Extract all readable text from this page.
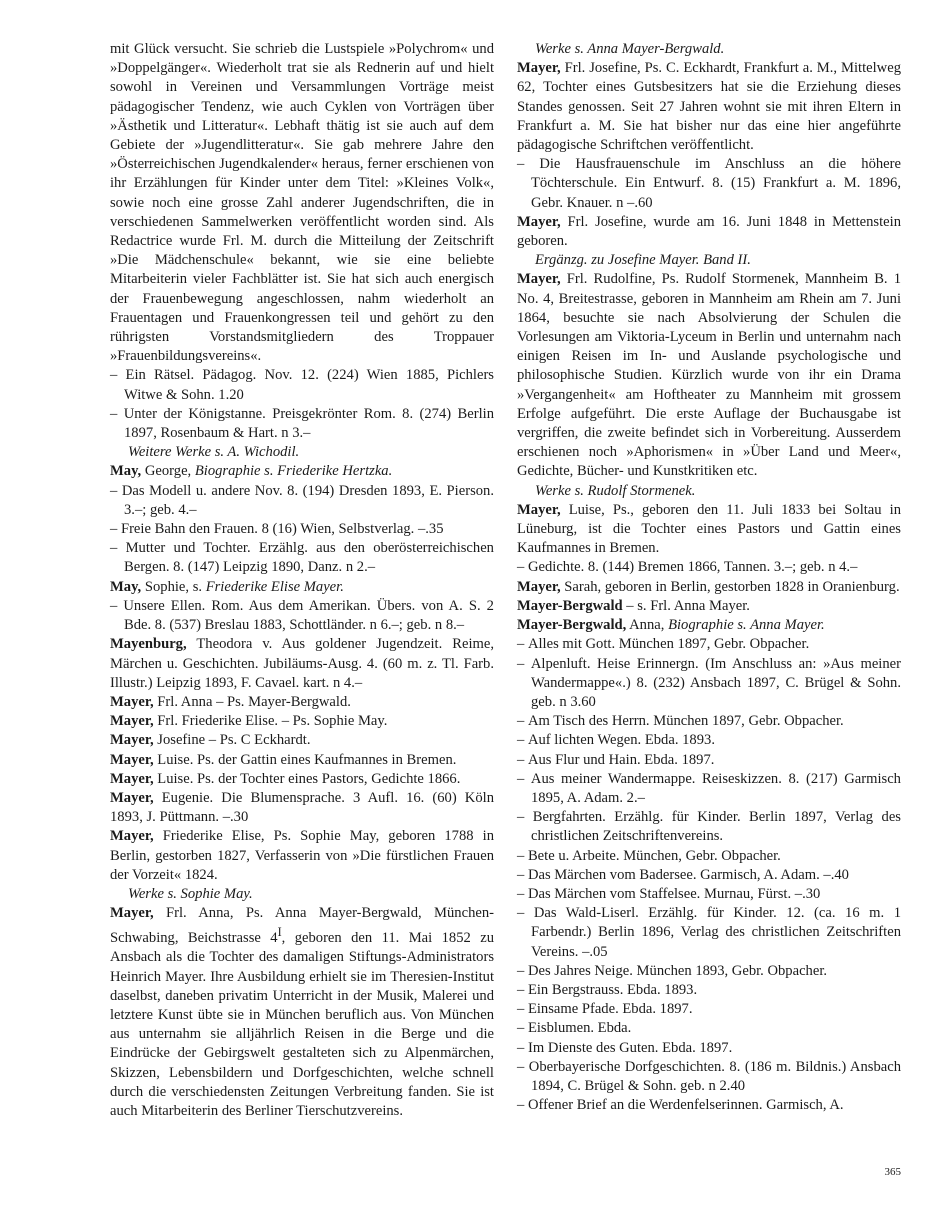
mit Glück versucht. Sie schrieb die Lustspiele »Polychrom« und »Doppelgänger«. Wiederholt trat sie als Rednerin auf und hielt sowohl in Vereinen und Versammlungen Vorträge meist pädagogischer Tendenz, wie auch Cyklen von Vorträgen über »Ästhetik und Litteratur«. Lebhaft thätig ist sie auch auf dem Gebiete der »Jugendlitteratur«. Sie gab mehrere Jahre den »Österreichischen Jugendkalender« heraus, ferner erschienen von ihr Erzählungen für Kinder unter dem Titel: »Kleines Volk«, sowie noch eine grosse Zahl anderer Jugendschriften, die in verschiedenen Sammelwerken veröffentlicht worden sind. Als Redactrice wurde Frl. M. durch die Mitteilung der Zeitschrift »Die Mädchenschule« bekannt, wie sie eine beliebte Mitarbeiterin vieler Fachblätter ist. Sie hat sich auch energisch der Frauenbewegung angeschlossen, nahm wiederholt an Frauentagen und Frauenkongressen teil und gehört zu den rührigsten Vorstandsmitgliedern des Troppauer »Frauenbildungsvereins«.

– Ein Rätsel. Pädagog. Nov. 12. (224) Wien 1885, Pichlers Witwe & Sohn. 1.20

– Unter der Königstanne. Preisgekrönter Rom. 8. (274) Berlin 1897, Rosenbaum & Hart. n 3.–

Weitere Werke s. A. Wichodil.

May, George, Biographie s. Friederike Hertzka.

– Das Modell u. andere Nov. 8. (194) Dresden 1893, E. Pierson. 3.–; geb. 4.–

– Freie Bahn den Frauen. 8 (16) Wien, Selbstverlag. –.35

– Mutter und Tochter. Erzählg. aus den oberösterreichischen Bergen. 8. (147) Leipzig 1890, Danz. n 2.–

May, Sophie, s. Friederike Elise Mayer.

– Unsere Ellen. Rom. Aus dem Amerikan. Übers. von A. S. 2 Bde. 8. (537) Breslau 1883, Schottländer. n 6.–; geb. n 8.–

Mayenburg, Theodora v. Aus goldener Jugendzeit. Reime, Märchen u. Geschichten. Jubiläums-Ausg. 4. (60 m. z. Tl. Farb. Illustr.) Leipzig 1893, F. Cavael. kart. n 4.–

Mayer, Frl. Anna – Ps. Mayer-Bergwald.

Mayer, Frl. Friederike Elise. – Ps. Sophie May.

Mayer, Josefine – Ps. C Eckhardt.

Mayer, Luise. Ps. der Gattin eines Kaufmannes in Bremen.

Mayer, Luise. Ps. der Tochter eines Pastors, Gedichte 1866.

Mayer, Eugenie. Die Blumensprache. 3 Aufl. 16. (60) Köln 1893, J. Püttmann. –.30

Mayer, Friederike Elise, Ps. Sophie May, geboren 1788 in Berlin, gestorben 1827, Verfasserin von »Die fürstlichen Frauen der Vorzeit« 1824.

Werke s. Sophie May.

Mayer, Frl. Anna, Ps. Anna Mayer-Bergwald, München-Schwabing, Beichstrasse $4^I$, geboren den 11. Mai 1852 zu Ansbach als die Tochter des damaligen Stiftungs-Administrators Heinrich Mayer. Ihre Ausbildung erhielt sie im Theresien-Institut daselbst, daneben privatim Unterricht in der Musik, Malerei und letztere Kunst übte sie in München beruflich aus. Von München aus unternahm sie alljährlich Reisen in die Berge und die Eindrücke der Gebirgswelt gestalteten sich zu Alpenmärchen, Skizzen, Lebensbildern und Dorfgeschichten, welche schnell durch die verschiedensten Zeitungen Verbreitung fanden. Sie ist auch Mitarbeiterin des Berliner Tierschutzvereins.

Werke s. Anna Mayer-Bergwald.

Mayer, Frl. Josefine, Ps. C. Eckhardt, Frankfurt a. M., Mittelweg 62, Tochter eines Gutsbesitzers hat sie die Erziehung dieses Standes genossen. Seit 27 Jahren wohnt sie mit ihren Eltern in Frankfurt a. M. Sie hat bisher nur das eine hier angeführte pädagogische Schriftchen veröffentlicht.

– Die Hausfrauenschule im Anschluss an die höhere Töchterschule. Ein Entwurf. 8. (15) Frankfurt a. M. 1896, Gebr. Knauer. n –.60

Mayer, Frl. Josefine, wurde am 16. Juni 1848 in Mettenstein geboren.

Ergänzg. zu Josefine Mayer. Band II.

Mayer, Frl. Rudolfine, Ps. Rudolf Stormenek, Mannheim B. 1 No. 4, Breitestrasse, geboren in Mannheim am Rhein am 7. Juni 1864, besuchte sie nach Absolvierung der Schulen die Vorlesungen am Viktoria-Lyceum in Berlin und unternahm nach einigen Reisen im In- und Auslande psychologische und philosophische Studien. Kürzlich wurde von ihr ein Drama »Vergangenheit« am Hoftheater zu Mannheim mit grossem Erfolge aufgeführt. Die erste Auflage der Buchausgabe ist vergriffen, die zweite befindet sich in Vorbereitung. Ausserdem erschienen noch »Aphorismen« in »Über Land und Meer«, Gedichte, Bücher- und Kunstkritiken etc.

Werke s. Rudolf Stormenek.

Mayer, Luise, Ps., geboren den 11. Juli 1833 bei Soltau in Lüneburg, ist die Tochter eines Pastors und Gattin eines Kaufmannes in Bremen.

– Gedichte. 8. (144) Bremen 1866, Tannen. 3.–; geb. n 4.–

Mayer, Sarah, geboren in Berlin, gestorben 1828 in Oranienburg.

Mayer-Bergwald – s. Frl. Anna Mayer.

Mayer-Bergwald, Anna, Biographie s. Anna Mayer.

– Alles mit Gott. München 1897, Gebr. Obpacher.

– Alpenluft. Heise Erinnergn. (Im Anschluss an: »Aus meiner Wandermappe«.) 8. (232) Ansbach 1897, C. Brügel & Sohn. geb. n 3.60

– Am Tisch des Herrn. München 1897, Gebr. Obpacher.

– Auf lichten Wegen. Ebda. 1893.

– Aus Flur und Hain. Ebda. 1897.

– Aus meiner Wandermappe. Reiseskizzen. 8. (217) Garmisch 1895, A. Adam. 2.–

– Bergfahrten. Erzählg. für Kinder. Berlin 1897, Verlag des christlichen Zeitschriftenvereins.

– Bete u. Arbeite. München, Gebr. Obpacher.

– Das Märchen vom Badersee. Garmisch, A. Adam. –.40

– Das Märchen vom Staffelsee. Murnau, Fürst. –.30

– Das Wald-Liserl. Erzählg. für Kinder. 12. (ca. 16 m. 1 Farbendr.) Berlin 1896, Verlag des christlichen Zeitschriften Vereins. –.05

– Des Jahres Neige. München 1893, Gebr. Obpacher.

– Ein Bergstrauss. Ebda. 1893.

– Einsame Pfade. Ebda. 1897.

– Eisblumen. Ebda.

– Im Dienste des Guten. Ebda. 1897.

– Oberbayerische Dorfgeschichten. 8. (186 m. Bildnis.) Ansbach 1894, C. Brügel & Sohn. geb. n 2.40

– Offener Brief an die Werdenfelserinnen. Garmisch, A.

365
